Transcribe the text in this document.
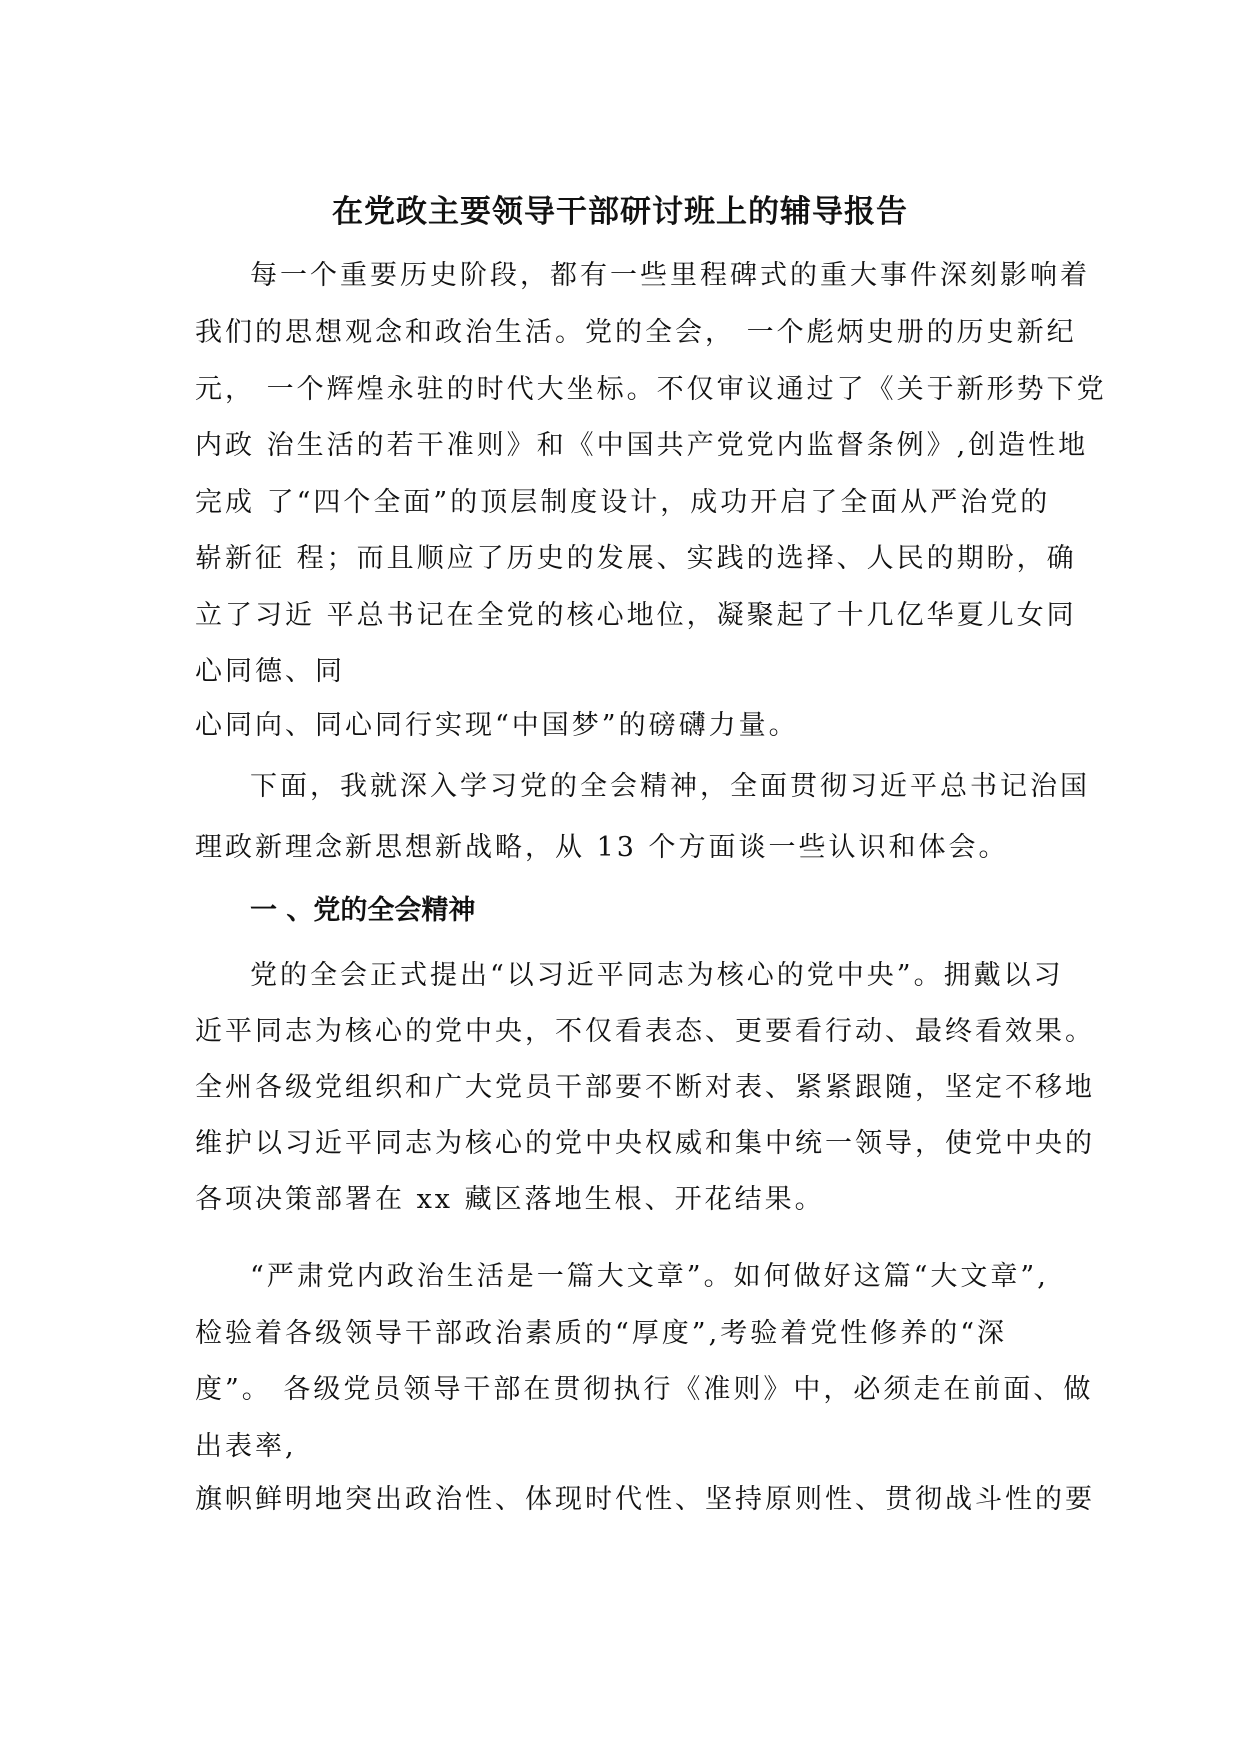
在党政主要领导干部研讨班上的辅导报告
每一个重要历史阶段，都有一些里程碑式的重大事件深刻影响着
我们的思想观念和政治生活。党的全会， 一个彪炳史册的历史新纪
元， 一个辉煌永驻的时代大坐标。不仅审议通过了《关于新形势下党
内政 治生活的若干准则》和《中国共产党党内监督条例》,创造性地
完成 了“四个全面”的顶层制度设计，成功开启了全面从严治党的
崭新征 程；而且顺应了历史的发展、实践的选择、人民的期盼，确
立了习近 平总书记在全党的核心地位，凝聚起了十几亿华夏儿女同
心同德、同
心同向、同心同行实现“中国梦”的磅礴力量。
下面，我就深入学习党的全会精神，全面贯彻习近平总书记治国
理政新理念新思想新战略，从 13 个方面谈一些认识和体会。
一 、党的全会精神
党的全会正式提出“以习近平同志为核心的党中央”。拥戴以习
近平同志为核心的党中央，不仅看表态、更要看行动、最终看效果。
全州各级党组织和广大党员干部要不断对表、紧紧跟随，坚定不移地
维护以习近平同志为核心的党中央权威和集中统一领导，使党中央的
各项决策部署在 xx 藏区落地生根、开花结果。
“严肃党内政治生活是一篇大文章”。如何做好这篇“大文章”,
检验着各级领导干部政治素质的“厚度”,考验着党性修养的“深
度”。 各级党员领导干部在贯彻执行《准则》中，必须走在前面、做
出表率,
旗帜鲜明地突出政治性、体现时代性、坚持原则性、贯彻战斗性的要
